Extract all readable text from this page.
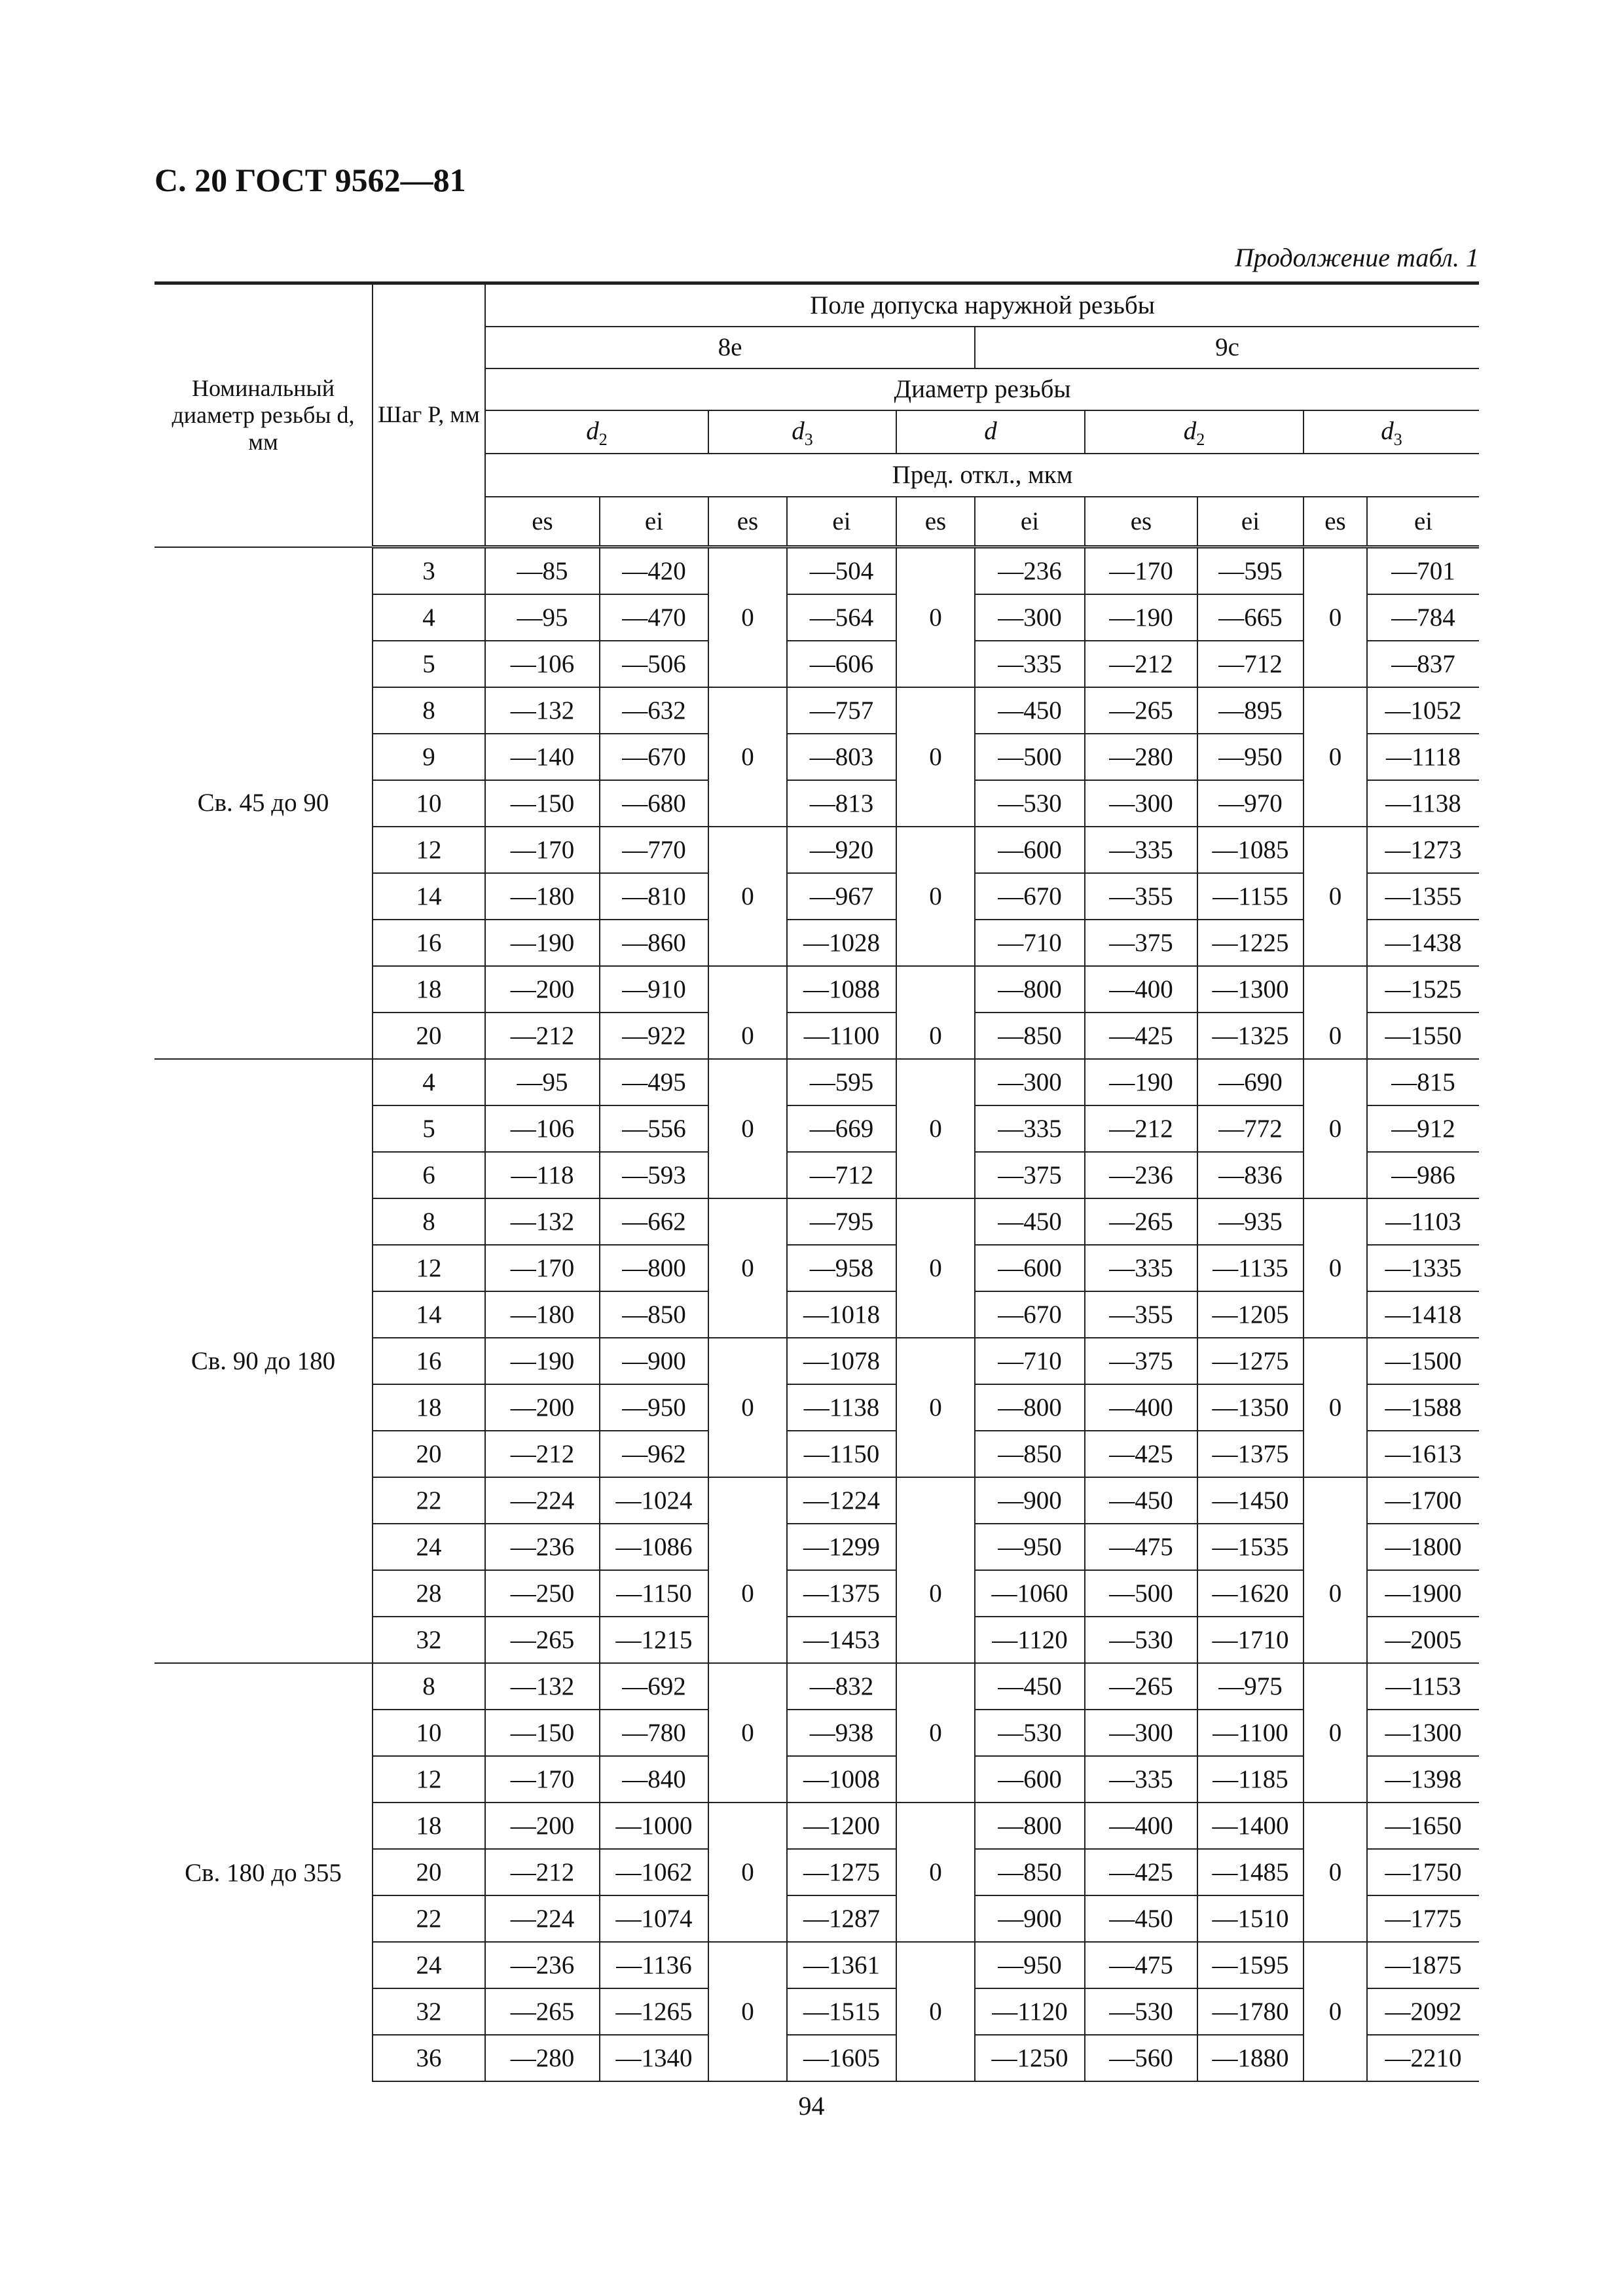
С. 20 ГОСТ 9562—81
Продолжение табл. 1
Номинальный диаметр резьбы d, мм	Шаг P, мм	Поле допуска наружной резьбы									
		8e					9c				
		Диаметр резьбы									
		$d_2$		$d_3$		d		$d_2$		$d_3$
		Пред. откл., мкм									
		es	ei	es	ei	es	ei	es	ei	es	ei
Св. 45 до 90	3	—85	—420		—504		—236	—170	—595		—701
	4	—95	—470	0	—564	0	—300	—190	—665	0	—784
	5	—106	—506		—606		—335	—212	—712		—837
	8	—132	—632		—757		—450	—265	—895		—1052
	9	—140	—670	0	—803	0	—500	—280	—950	0	—1118
	10	—150	—680		—813		—530	—300	—970		—1138
	12	—170	—770		—920		—600	—335	—1085		—1273
	14	—180	—810	0	—967	0	—670	—355	—1155	0	—1355
	16	—190	—860		—1028		—710	—375	—1225		—1438
	18	—200	—910		—1088		—800	—400	—1300		—1525
	20	—212	—922	0	—1100	0	—850	—425	—1325	0	—1550
Св. 90 до 180	4	—95	—495		—595		—300	—190	—690		—815
	5	—106	—556	0	—669	0	—335	—212	—772	0	—912
	6	—118	—593		—712		—375	—236	—836		—986
	8	—132	—662		—795		—450	—265	—935		—1103
	12	—170	—800	0	—958	0	—600	—335	—1135	0	—1335
	14	—180	—850		—1018		—670	—355	—1205		—1418
	16	—190	—900		—1078		—710	—375	—1275		—1500
	18	—200	—950	0	—1138	0	—800	—400	—1350	0	—1588
	20	—212	—962		—1150		—850	—425	—1375		—1613
	22	—224	—1024		—1224		—900	—450	—1450		—1700
	24	—236	—1086		—1299		—950	—475	—1535		—1800
	28	—250	—1150	0	—1375	0	—1060	—500	—1620	0	—1900
	32	—265	—1215		—1453		—1120	—530	—1710		—2005
Св. 180 до 355	8	—132	—692		—832		—450	—265	—975		—1153
	10	—150	—780	0	—938	0	—530	—300	—1100	0	—1300
	12	—170	—840		—1008		—600	—335	—1185		—1398
	18	—200	—1000		—1200		—800	—400	—1400		—1650
	20	—212	—1062	0	—1275	0	—850	—425	—1485	0	—1750
	22	—224	—1074		—1287		—900	—450	—1510		—1775
	24	—236	—1136		—1361		—950	—475	—1595		—1875
	32	—265	—1265	0	—1515	0	—1120	—530	—1780	0	—2092
	36	—280	—1340		—1605		—1250	—560	—1880		—2210
94
